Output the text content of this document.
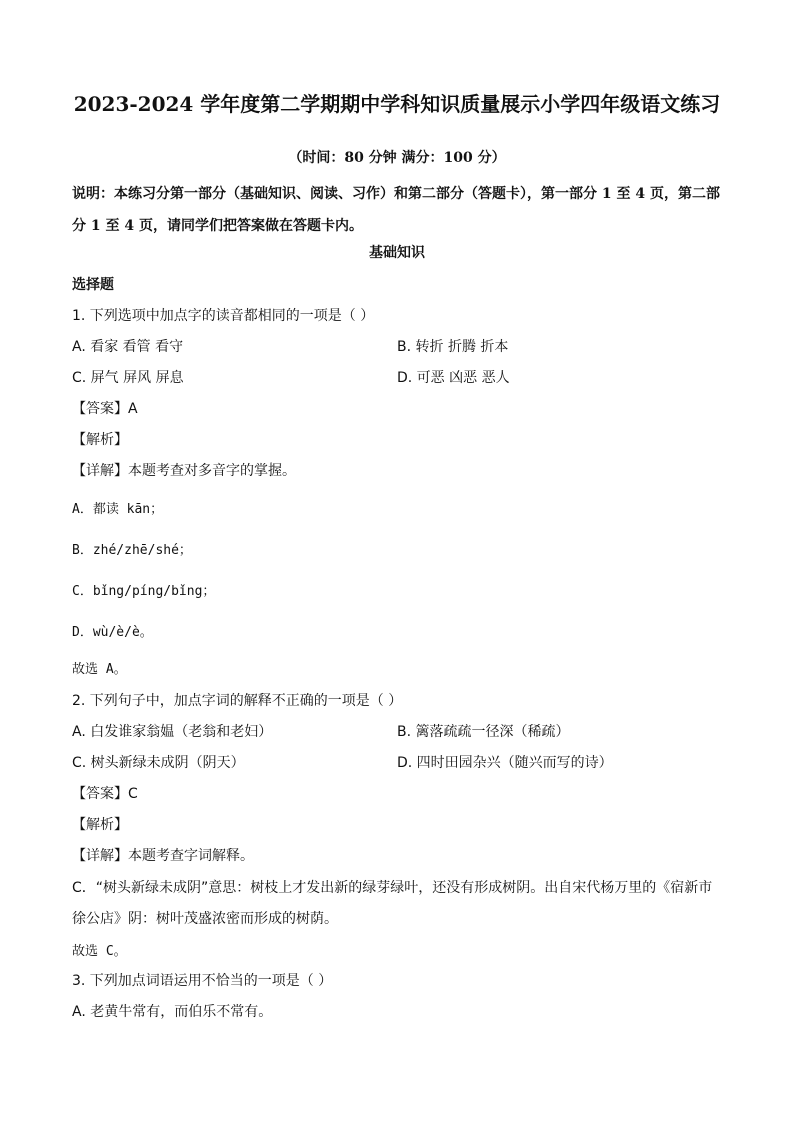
2023-2024 学年度第二学期期中学科知识质量展示小学四年级语文练习
（时间：80 分钟 满分：100 分）
说明：本练习分第一部分（基础知识、阅读、习作）和第二部分（答题卡），第一部分 1 至 4 页，第二部分 1 至 4 页，请同学们把答案做在答题卡内。
基础知识
选择题
1. 下列选项中加点字的读音都相同的一项是（ ）
A. 看家 看管 看守	B. 转折 折腾 折本
C. 屏气 屏风 屏息	D. 可恶 凶恶 恶人
【答案】A
【解析】
【详解】本题考查对多音字的掌握。
A．都读 kān；
B．zhé/zhē/shé；
C．bǐng/píng/bǐng；
D．wù/è/è。
故选 A。
2. 下列句子中，加点字词的解释不正确的一项是（ ）
A. 白发谁家翁媪（老翁和老妇）	B. 篱落疏疏一径深（稀疏）
C. 树头新绿未成阴（阴天）	D. 四时田园杂兴（随兴而写的诗）
【答案】C
【解析】
【详解】本题考查字词解释。
C．“树头新绿未成阴”意思：树枝上才发出新的绿芽绿叶，还没有形成树阴。出自宋代杨万里的《宿新市徐公店》阴：树叶茂盛浓密而形成的树荫。
故选 C。
3. 下列加点词语运用不恰当的一项是（ ）
A. 老黄牛常有，而伯乐不常有。
